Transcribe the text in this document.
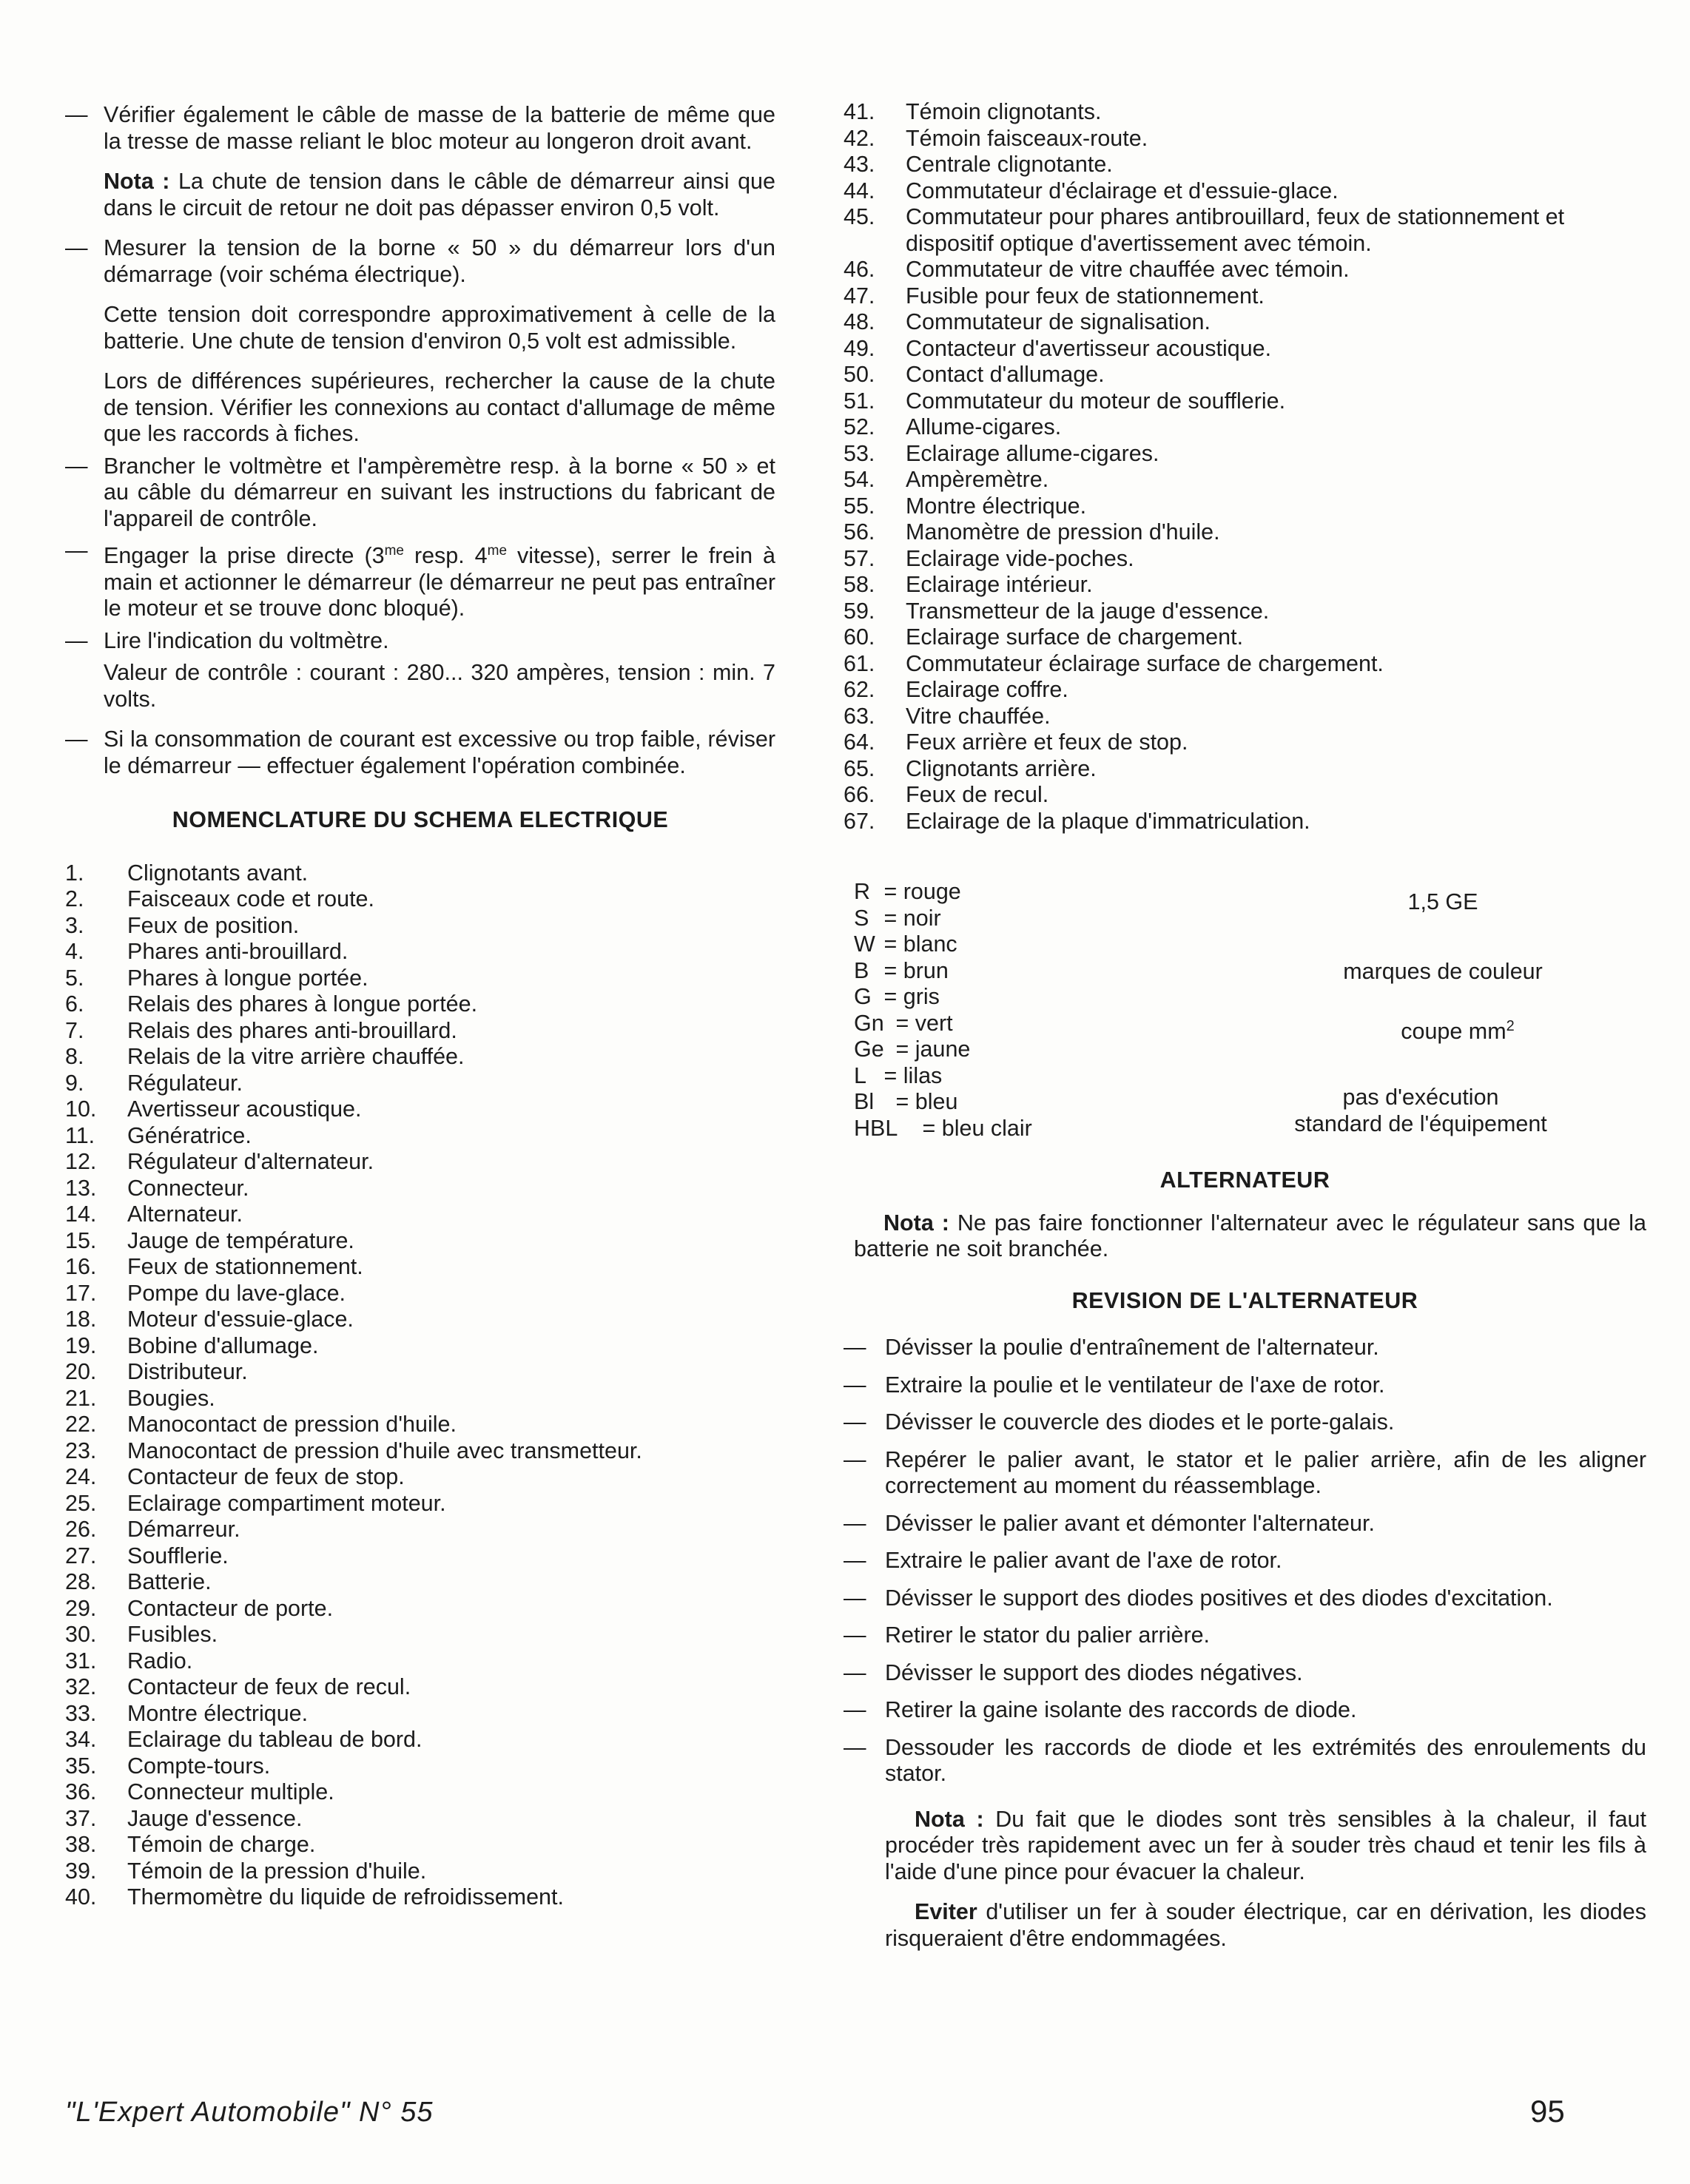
— Vérifier également le câble de masse de la batterie de même que la tresse de masse reliant le bloc moteur au longeron droit avant.
Nota : La chute de tension dans le câble de démarreur ainsi que dans le circuit de retour ne doit pas dépasser environ 0,5 volt.
— Mesurer la tension de la borne « 50 » du démarreur lors d'un démarrage (voir schéma électrique).
Cette tension doit correspondre approximativement à celle de la batterie. Une chute de tension d'environ 0,5 volt est admissible.
Lors de différences supérieures, rechercher la cause de la chute de tension. Vérifier les connexions au contact d'allumage de même que les raccords à fiches.
— Brancher le voltmètre et l'ampèremètre resp. à la borne « 50 » et au câble du démarreur en suivant les instructions du fabricant de l'appareil de contrôle.
— Engager la prise directe ($3^{me}$ resp. $4^{me}$ vitesse), serrer le frein à main et actionner le démarreur (le démarreur ne peut pas entraîner le moteur et se trouve donc bloqué).
— Lire l'indication du voltmètre.
Valeur de contrôle : courant : 280... 320 ampères, tension : min. 7 volts.
— Si la consommation de courant est excessive ou trop faible, réviser le démarreur — effectuer également l'opération combinée.
NOMENCLATURE DU SCHEMA ELECTRIQUE
1.	Clignotants avant.
2.	Faisceaux code et route.
3.	Feux de position.
4.	Phares anti-brouillard.
5.	Phares à longue portée.
6.	Relais des phares à longue portée.
7.	Relais des phares anti-brouillard.
8.	Relais de la vitre arrière chauffée.
9.	Régulateur.
10.	Avertisseur acoustique.
11.	Génératrice.
12.	Régulateur d'alternateur.
13.	Connecteur.
14.	Alternateur.
15.	Jauge de température.
16.	Feux de stationnement.
17.	Pompe du lave-glace.
18.	Moteur d'essuie-glace.
19.	Bobine d'allumage.
20.	Distributeur.
21.	Bougies.
22.	Manocontact de pression d'huile.
23.	Manocontact de pression d'huile avec transmetteur.
24.	Contacteur de feux de stop.
25.	Eclairage compartiment moteur.
26.	Démarreur.
27.	Soufflerie.
28.	Batterie.
29.	Contacteur de porte.
30.	Fusibles.
31.	Radio.
32.	Contacteur de feux de recul.
33.	Montre électrique.
34.	Eclairage du tableau de bord.
35.	Compte-tours.
36.	Connecteur multiple.
37.	Jauge d'essence.
38.	Témoin de charge.
39.	Témoin de la pression d'huile.
40.	Thermomètre du liquide de refroidissement.
41.	Témoin clignotants.
42.	Témoin faisceaux-route.
43.	Centrale clignotante.
44.	Commutateur d'éclairage et d'essuie-glace.
45.	Commutateur pour phares antibrouillard, feux de stationnement et dispositif optique d'avertissement avec témoin.
46.	Commutateur de vitre chauffée avec témoin.
47.	Fusible pour feux de stationnement.
48.	Commutateur de signalisation.
49.	Contacteur d'avertisseur acoustique.
50.	Contact d'allumage.
51.	Commutateur du moteur de soufflerie.
52.	Allume-cigares.
53.	Eclairage allume-cigares.
54.	Ampèremètre.
55.	Montre électrique.
56.	Manomètre de pression d'huile.
57.	Eclairage vide-poches.
58.	Eclairage intérieur.
59.	Transmetteur de la jauge d'essence.
60.	Eclairage surface de chargement.
61.	Commutateur éclairage surface de chargement.
62.	Eclairage coffre.
63.	Vitre chauffée.
64.	Feux arrière et feux de stop.
65.	Clignotants arrière.
66.	Feux de recul.
67.	Eclairage de la plaque d'immatriculation.
R = rouge
S = noir
W = blanc
B = brun
G = gris
Gn = vert
Ge = jaune
L = lilas
Bl = bleu
HBL = bleu clair
1,5 GE
marques de couleur
coupe $mm^2$
pas d'exécution
standard de l'équipement
ALTERNATEUR
Nota : Ne pas faire fonctionner l'alternateur avec le régulateur sans que la batterie ne soit branchée.
REVISION DE L'ALTERNATEUR
— Dévisser la poulie d'entraînement de l'alternateur.
— Extraire la poulie et le ventilateur de l'axe de rotor.
— Dévisser le couvercle des diodes et le porte-galais.
— Repérer le palier avant, le stator et le palier arrière, afin de les aligner correctement au moment du réassemblage.
— Dévisser le palier avant et démonter l'alternateur.
— Extraire le palier avant de l'axe de rotor.
— Dévisser le support des diodes positives et des diodes d'excitation.
— Retirer le stator du palier arrière.
— Dévisser le support des diodes négatives.
— Retirer la gaine isolante des raccords de diode.
— Dessouder les raccords de diode et les extrémités des enroulements du stator.
Nota : Du fait que le diodes sont très sensibles à la chaleur, il faut procéder très rapidement avec un fer à souder très chaud et tenir les fils à l'aide d'une pince pour évacuer la chaleur.
Eviter d'utiliser un fer à souder électrique, car en dérivation, les diodes risqueraient d'être endommagées.
"L'Expert Automobile" N° 55	95
